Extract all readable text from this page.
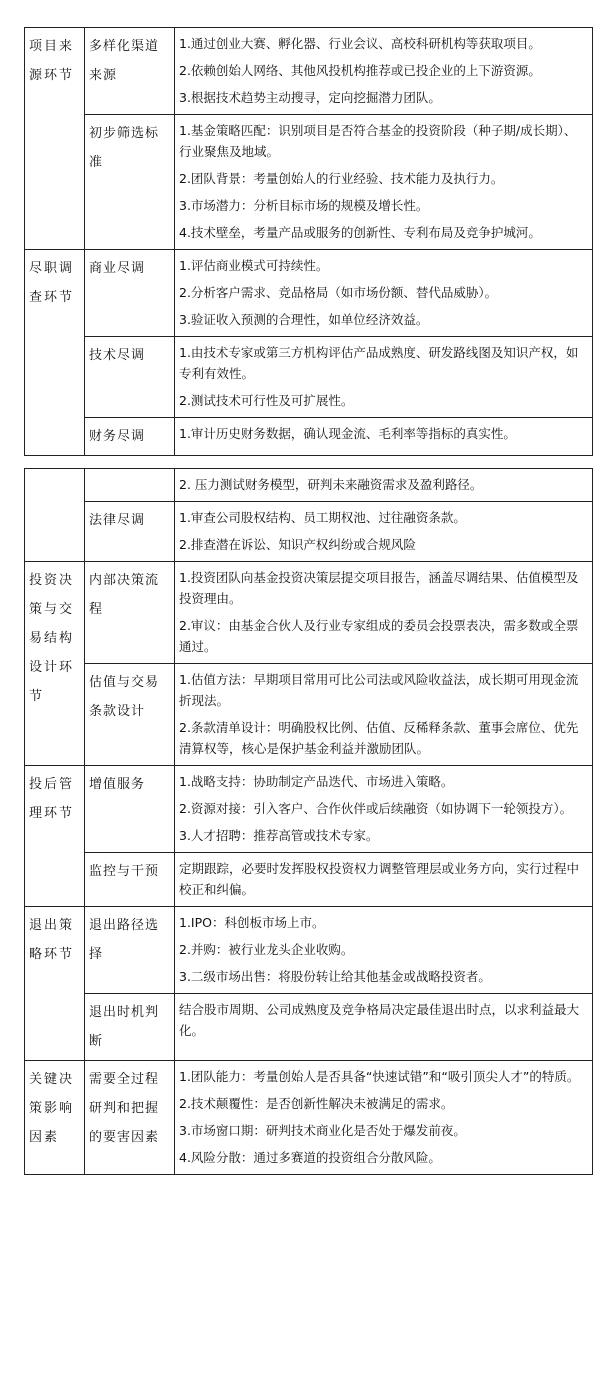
项目来源环节	多样化渠道来源	1.通过创业大赛、孵化器、行业会议、高校科研机构等获取项目。
2.依赖创始人网络、其他风投机构推荐或已投企业的上下游资源。
3.根据技术趋势主动搜寻，定向挖掘潜力团队。

	初步筛选标准	1.基金策略匹配：识别项目是否符合基金的投资阶段（种子期/成长期）、行业聚焦及地域。
2.团队背景：考量创始人的行业经验、技术能力及执行力。
3.市场潜力：分析目标市场的规模及增长性。
4.技术壁垒，考量产品或服务的创新性、专利布局及竞争护城河。

尽职调查环节	商业尽调	1.评估商业模式可持续性。
2.分析客户需求、竞品格局（如市场份额、替代品威胁）。
3.验证收入预测的合理性，如单位经济效益。

	技术尽调	1.由技术专家或第三方机构评估产品成熟度、研发路线图及知识产权，如专利有效性。
2.测试技术可行性及可扩展性。

	财务尽调	1.审计历史财务数据，确认现金流、毛利率等指标的真实性。

		2. 压力测试财务模型，研判未来融资需求及盈利路径。

	法律尽调	1.审查公司股权结构、员工期权池、过往融资条款。
2.排查潜在诉讼、知识产权纠纷或合规风险

投资决策与交易结构设计环节	内部决策流程	1.投资团队向基金投资决策层提交项目报告，涵盖尽调结果、估值模型及投资理由。
2.审议：由基金合伙人及行业专家组成的委员会投票表决，需多数或全票通过。

	估值与交易条款设计	1.估值方法：早期项目常用可比公司法或风险收益法，成长期可用现金流折现法。
2.条款清单设计：明确股权比例、估值、反稀释条款、董事会席位、优先清算权等，核心是保护基金利益并激励团队。

投后管理环节	增值服务	1.战略支持：协助制定产品迭代、市场进入策略。
2.资源对接：引入客户、合作伙伴或后续融资（如协调下一轮领投方）。
3.人才招聘：推荐高管或技术专家。

	监控与干预	定期跟踪，必要时发挥股权投资权力调整管理层或业务方向，实行过程中校正和纠偏。

退出策略环节	退出路径选择	1.IPO：科创板市场上市。
2.并购：被行业龙头企业收购。
3.二级市场出售：将股份转让给其他基金或战略投资者。

	退出时机判断	结合股市周期、公司成熟度及竞争格局决定最佳退出时点，以求利益最大化。

关键决策影响因素	需要全过程研判和把握的要害因素	1.团队能力：考量创始人是否具备“快速试错”和“吸引顶尖人才”的特质。
2.技术颠覆性：是否创新性解决未被满足的需求。
3.市场窗口期：研判技术商业化是否处于爆发前夜。
4.风险分散：通过多赛道的投资组合分散风险。
